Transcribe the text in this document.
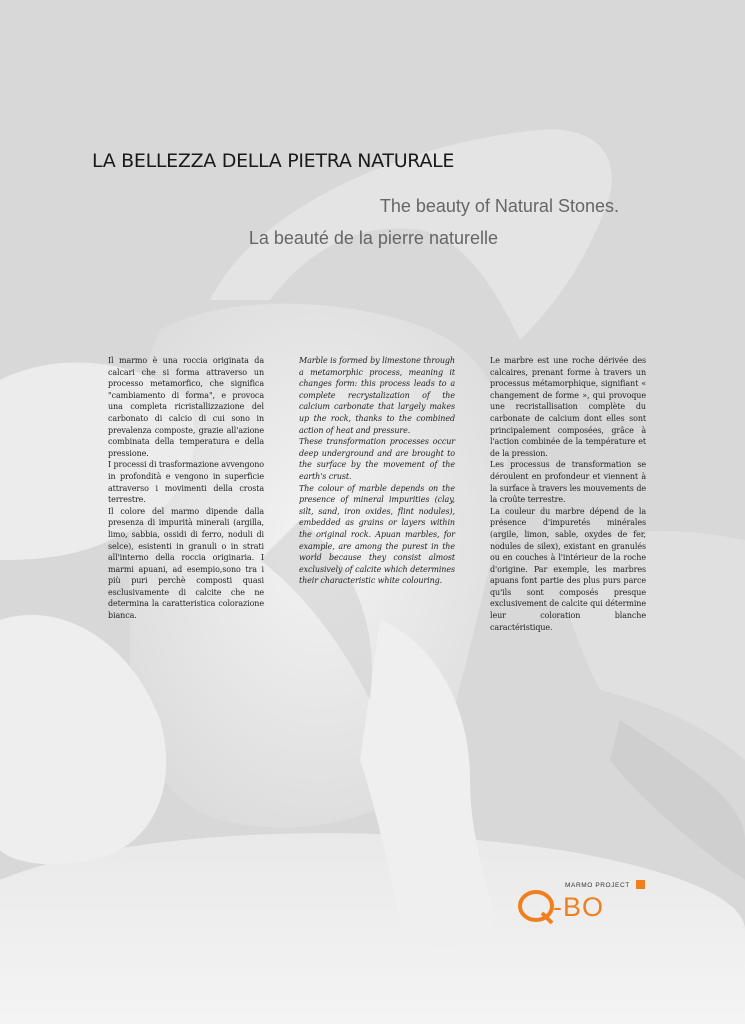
LA BELLEZZA DELLA PIETRA NATURALE
The beauty of Natural Stones.
La beauté de la pierre naturelle

Il marmo è una roccia originata da calcari che si forma attraverso un processo metamorfico, che significa "cambiamento di forma", e provoca una completa ricristallizzazione del carbonato di calcio di cui sono in prevalenza composte, grazie all'azione combinata della temperatura e della pressione.

I processi di trasformazione avvengono in profondità e vengono in superficie attraverso i movimenti della crosta terrestre.

Il colore del marmo dipende dalla presenza di impurità minerali (argilla, limo, sabbia, ossidi di ferro, noduli di selce), esistenti in granuli o in strati all'interno della roccia originaria. I marmi apuani, ad esempio,sono tra i più puri perchè composti quasi esclusivamente di calcite che ne determina la caratteristica colorazione bianca.

Marble is formed by limestone through a metamorphic process, meaning it changes form: this process leads to a complete recrystalization of the calcium carbonate that largely makes up the rock, thanks to the combined action of heat and pressure.

These transformation processes occur deep underground and are brought to the surface by the movement of the earth's crust.

The colour of marble depends on the presence of mineral impurities (clay, silt, sand, iron oxides, flint nodules), embedded as grains or layers within the original rock. Apuan marbles, for example, are among the purest in the world because they consist almost exclusively of calcite which determines their characteristic white colouring.

Le marbre est une roche dérivée des calcaires, prenant forme à travers un processus métamorphique, signifiant « changement de forme », qui provoque une recristallisation complète du carbonate de calcium dont elles sont principalement composées, grâce à l'action combinée de la température et de la pression.

Les processus de transformation se déroulent en profondeur et viennent à la surface à travers les mouvements de la croûte terrestre.

La couleur du marbre dépend de la présence d'impuretés minérales (argile, limon, sable, oxydes de fer, nodules de silex), existant en granulés ou en couches à l'intérieur de la roche d'origine. Par exemple, les marbres apuans font partie des plus purs parce qu'ils sont composés presque exclusivement de calcite qui détermine leur coloration blanche caractéristique.

MARMO PROJECT
-BO
